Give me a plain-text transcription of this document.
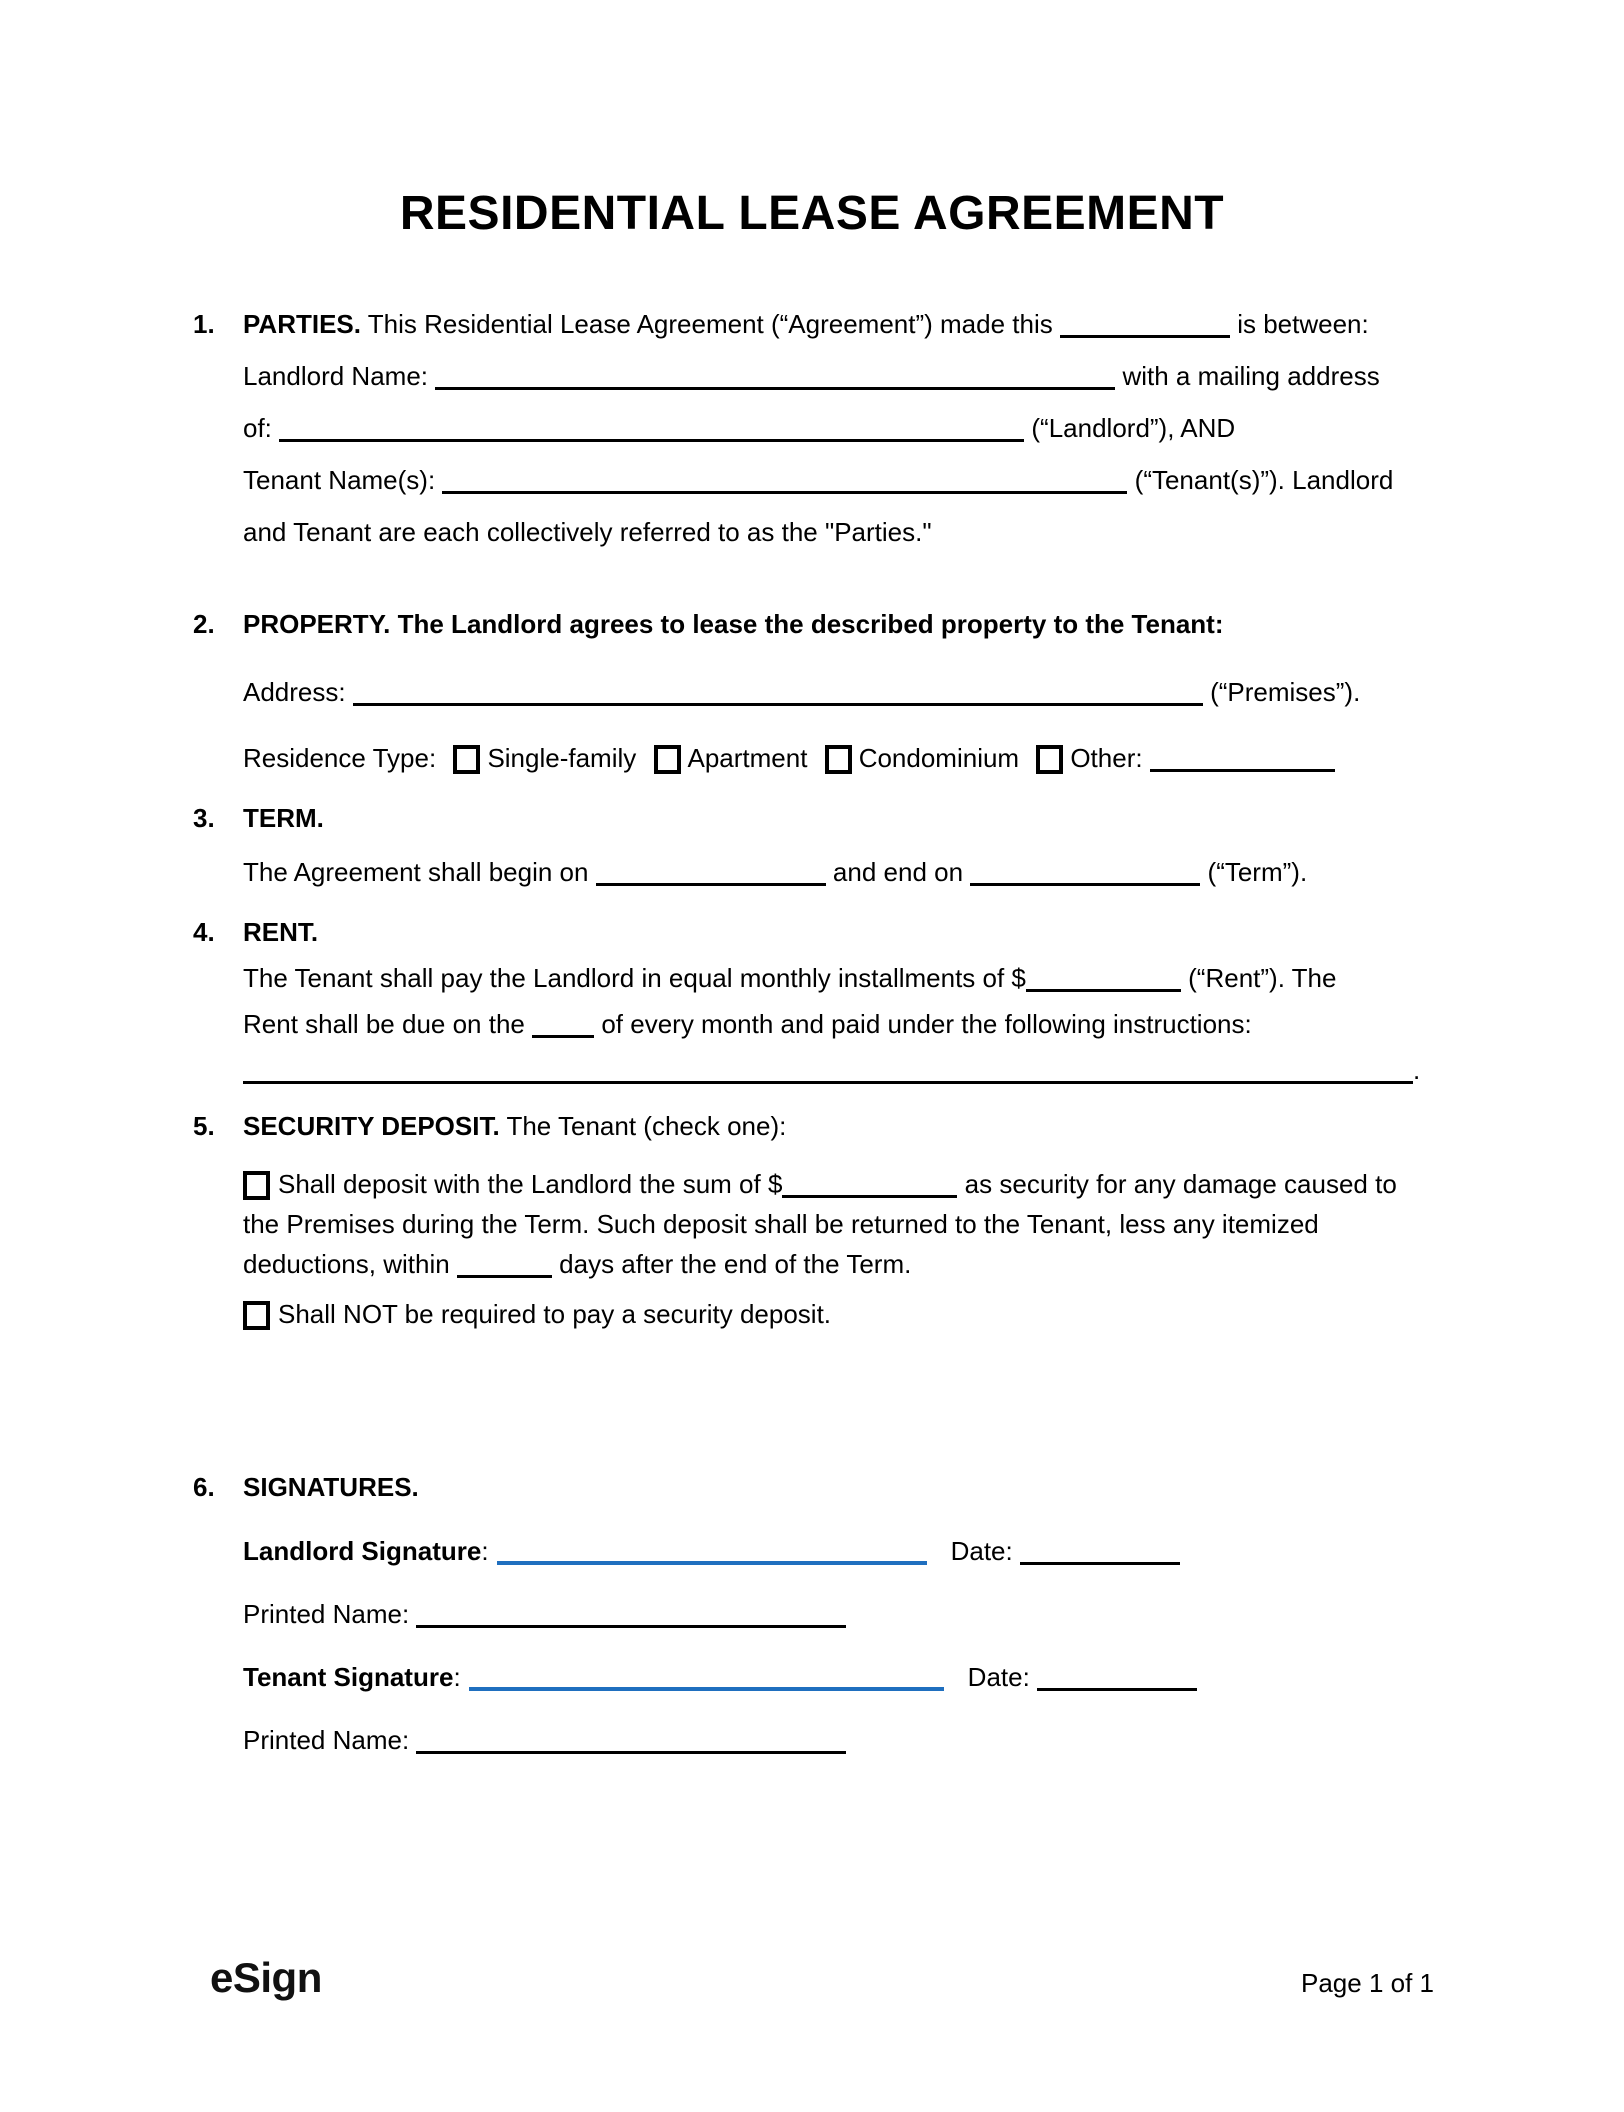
RESIDENTIAL LEASE AGREEMENT
1.	PARTIES. This Residential Lease Agreement (“Agreement”) made this	is between:
Landlord Name:	with a mailing address
of:	(“Landlord”), AND
Tenant Name(s):	(“Tenant(s)”). Landlord
and Tenant are each collectively referred to as the "Parties."
2.	PROPERTY. The Landlord agrees to lease the described property to the Tenant:
Address:	(“Premises”).
Residence Type: Single-family Apartment Condominium Other:
3.	TERM.
The Agreement shall begin on	and end on	(“Term”).
4.	RENT.
The Tenant shall pay the Landlord in equal monthly installments of $	(“Rent”). The
Rent shall be due on the	of every month and paid under the following instructions:
.
5.	SECURITY DEPOSIT. The Tenant (check one):
Shall deposit with the Landlord the sum of $	as security for any damage caused to the Premises during the Term. Such deposit shall be returned to the Tenant, less any itemized deductions, within	days after the end of the Term.
Shall NOT be required to pay a security deposit.
6.	SIGNATURES.
Landlord Signature:	Date:
Printed Name:
Tenant Signature:	Date:
Printed Name:
eSign	Page 1 of 1
